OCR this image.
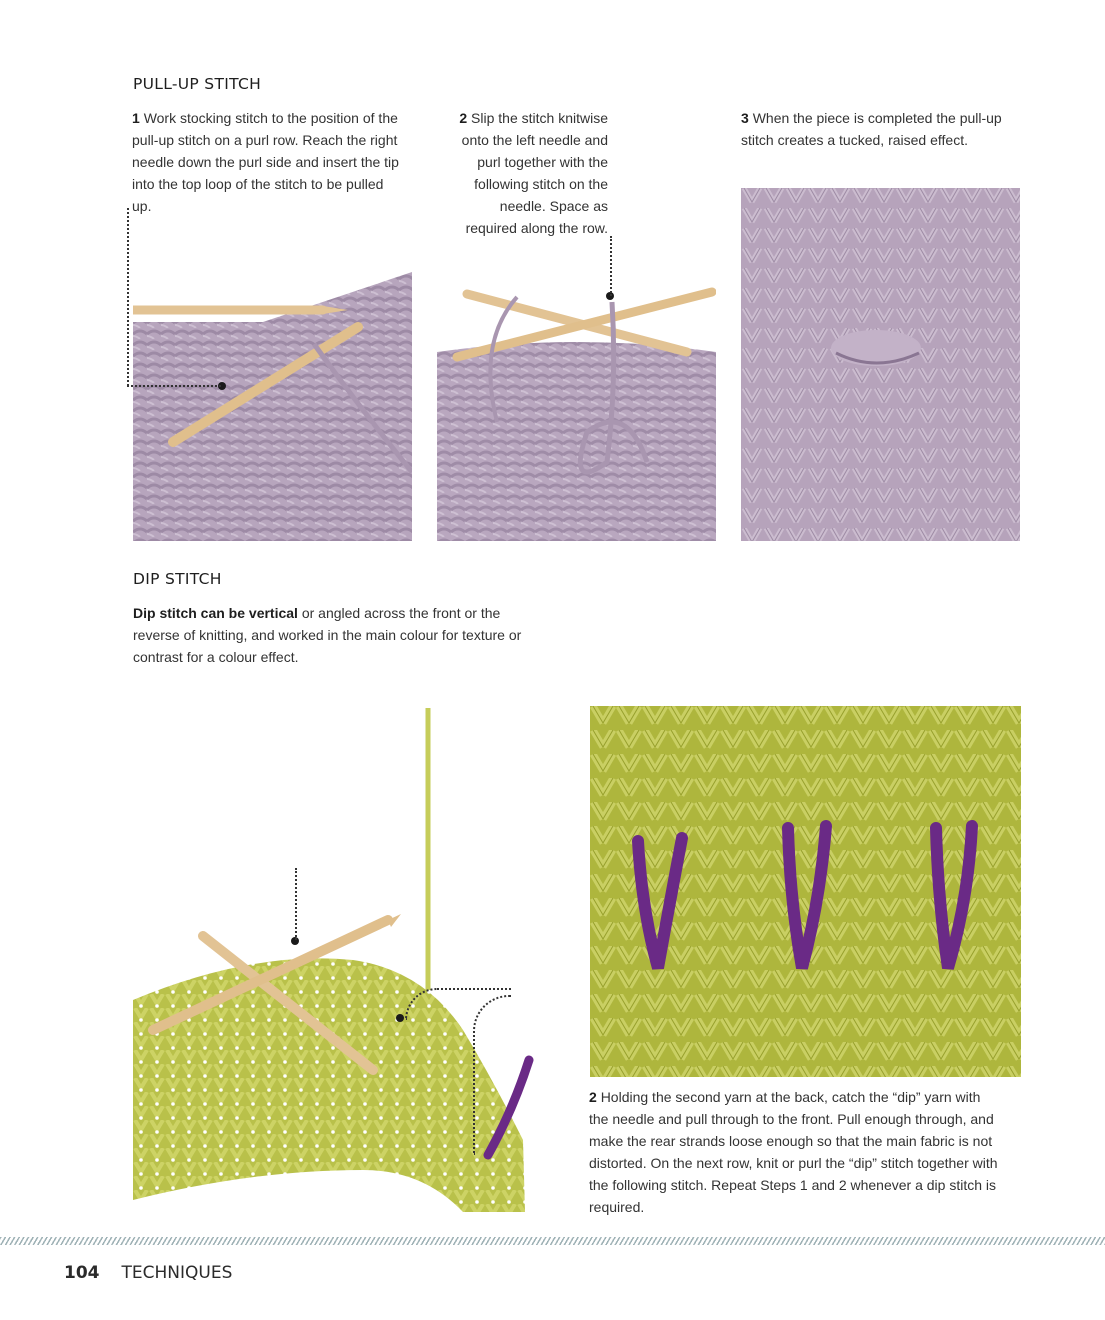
PULL-UP STITCH
1 Work stocking stitch to the position of the pull-up stitch on a purl row. Reach the right needle down the purl side and insert the tip into the top loop of the stitch to be pulled up.
2 Slip the stitch knitwise onto the left needle and purl together with the following stitch on the needle. Space as required along the row.
3 When the piece is completed the pull-up stitch creates a tucked, raised effect.
DIP STITCH
Dip stitch can be vertical or angled across the front or the reverse of knitting, and worked in the main colour for texture or contrast for a colour effect.
2 Holding the second yarn at the back, catch the “dip” yarn with the needle and pull through to the front. Pull enough through, and make the rear strands loose enough so that the main fabric is not distorted. On the next row, knit or purl the “dip” stitch together with the following stitch. Repeat Steps 1 and 2 whenever a dip stitch is required.
104 TECHNIQUES
